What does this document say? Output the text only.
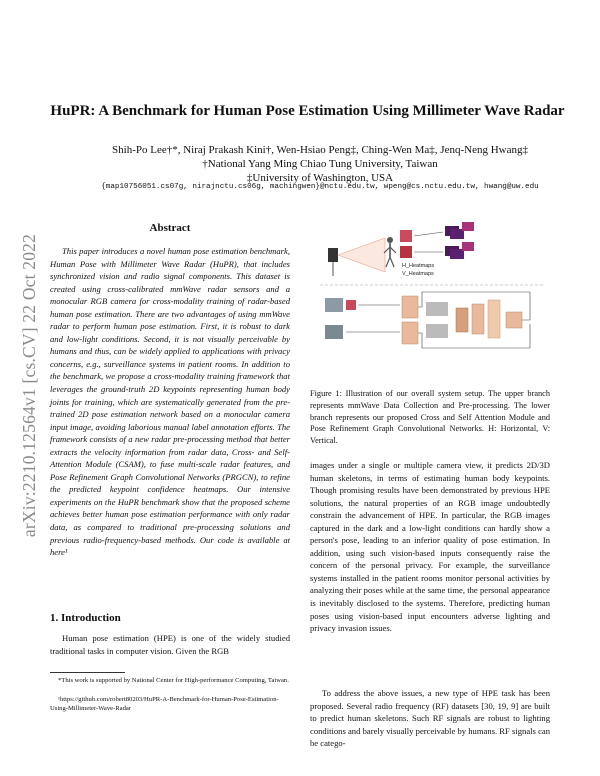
arXiv:2210.12564v1 [cs.CV] 22 Oct 2022
HuPR: A Benchmark for Human Pose Estimation Using Millimeter Wave Radar
Shih-Po Lee†*, Niraj Prakash Kini†, Wen-Hsiao Peng‡, Ching-Wen Ma‡, Jenq-Neng Hwang‡
†National Yang Ming Chiao Tung University, Taiwan
‡University of Washington, USA
{map10756051.cs07g, nirajnctu.cs06g, machingwen}@nctu.edu.tw, wpeng@cs.nctu.edu.tw, hwang@uw.edu
Abstract

This paper introduces a novel human pose estimation benchmark, Human Pose with Millimeter Wave Radar (HuPR), that includes synchronized vision and radio signal components. This dataset is created using cross-calibrated mmWave radar sensors and a monocular RGB camera for cross-modality training of radar-based human pose estimation. There are two advantages of using mmWave radar to perform human pose estimation. First, it is robust to dark and low-light conditions. Second, it is not visually perceivable by humans and thus, can be widely applied to applications with privacy concerns, e.g., surveillance systems in patient rooms. In addition to the benchmark, we propose a cross-modality training framework that leverages the ground-truth 2D keypoints representing human body joints for training, which are systematically generated from the pre-trained 2D pose estimation network based on a monocular camera input image, avoiding laborious manual label annotation efforts. The framework consists of a new radar pre-processing method that better extracts the velocity information from radar data, Cross- and Self-Attention Module (CSAM), to fuse multi-scale radar features, and Pose Refinement Graph Convolutional Networks (PRGCN), to refine the predicted keypoint confidence heatmaps. Our intensive experiments on the HuPR benchmark show that the proposed scheme achieves better human pose estimation performance with only radar data, as compared to traditional pre-processing solutions and previous radio-frequency-based methods. Our code is available at here¹

1. Introduction

Human pose estimation (HPE) is one of the widely studied traditional tasks in computer vision. Given the RGB

*This work is supported by National Center for High-performance Computing, Taiwan.

¹https://github.com/robert80203/HuPR-A-Benchmark-for-Human-Pose-Estimation-Using-Millimeter-Wave-Radar

H_Heatmaps
V_Heatmaps

Figure 1: Illustration of our overall system setup. The upper branch represents mmWave Data Collection and Pre-processing. The lower branch represents our proposed Cross and Self Attention Module and Pose Refinement Graph Convolutional Networks. H: Horizontal, V: Vertical.

images under a single or multiple camera view, it predicts 2D/3D human skeletons, in terms of estimating human body keypoints. Though promising results have been demonstrated by previous HPE solutions, the natural properties of an RGB image undoubtedly constrain the advancement of HPE. In particular, the RGB images captured in the dark and a low-light conditions can hardly show a person's pose, leading to an inferior quality of pose estimation. In addition, using such vision-based inputs consequently raise the concern of the personal privacy. For example, the surveillance systems installed in the patient rooms monitor personal activities by analyzing their poses while at the same time, the personal appearance is inevitably disclosed to the systems. Therefore, predicting human poses using vision-based input encounters adverse lighting and privacy invasion issues.

To address the above issues, a new type of HPE task has been proposed. Several radio frequency (RF) datasets [30, 19, 9] are built to predict human skeletons. Such RF signals are robust to lighting conditions and barely visually perceivable by humans. RF signals can be catego-
